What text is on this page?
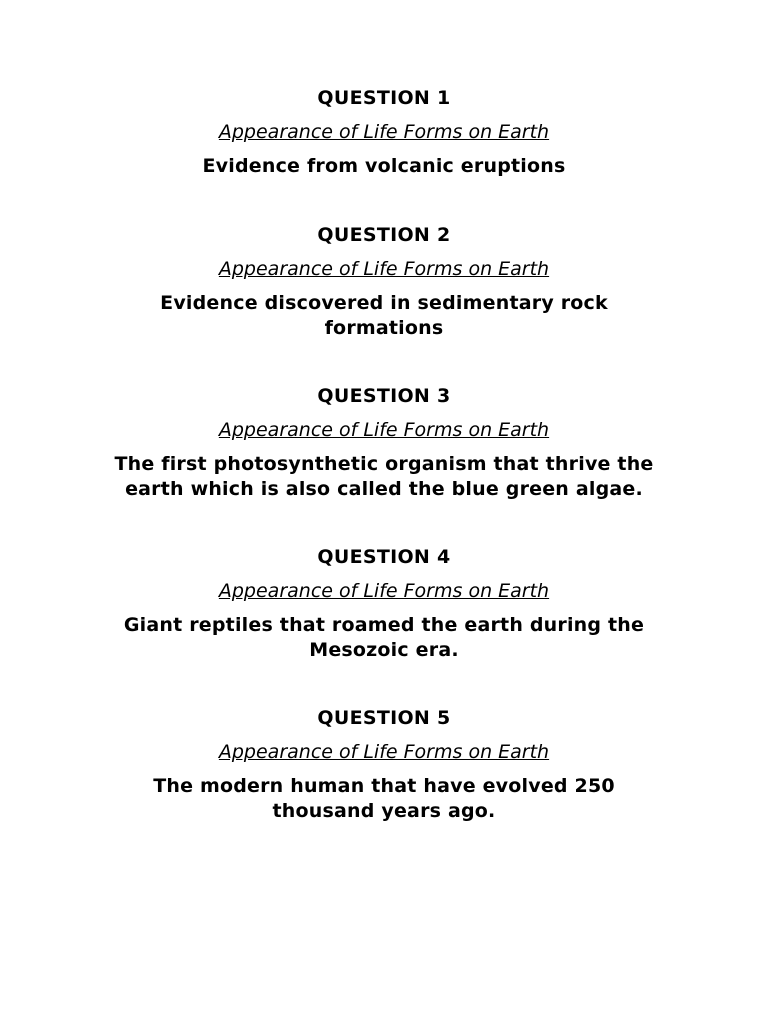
QUESTION 1

Appearance of Life Forms on Earth

Evidence from volcanic eruptions

QUESTION 2

Appearance of Life Forms on Earth

Evidence discovered in sedimentary rock formations

QUESTION 3

Appearance of Life Forms on Earth

The first photosynthetic organism that thrive the earth which is also called the blue green algae.

QUESTION 4

Appearance of Life Forms on Earth

Giant reptiles that roamed the earth during the Mesozoic era.

QUESTION 5

Appearance of Life Forms on Earth

The modern human that have evolved 250 thousand years ago.
